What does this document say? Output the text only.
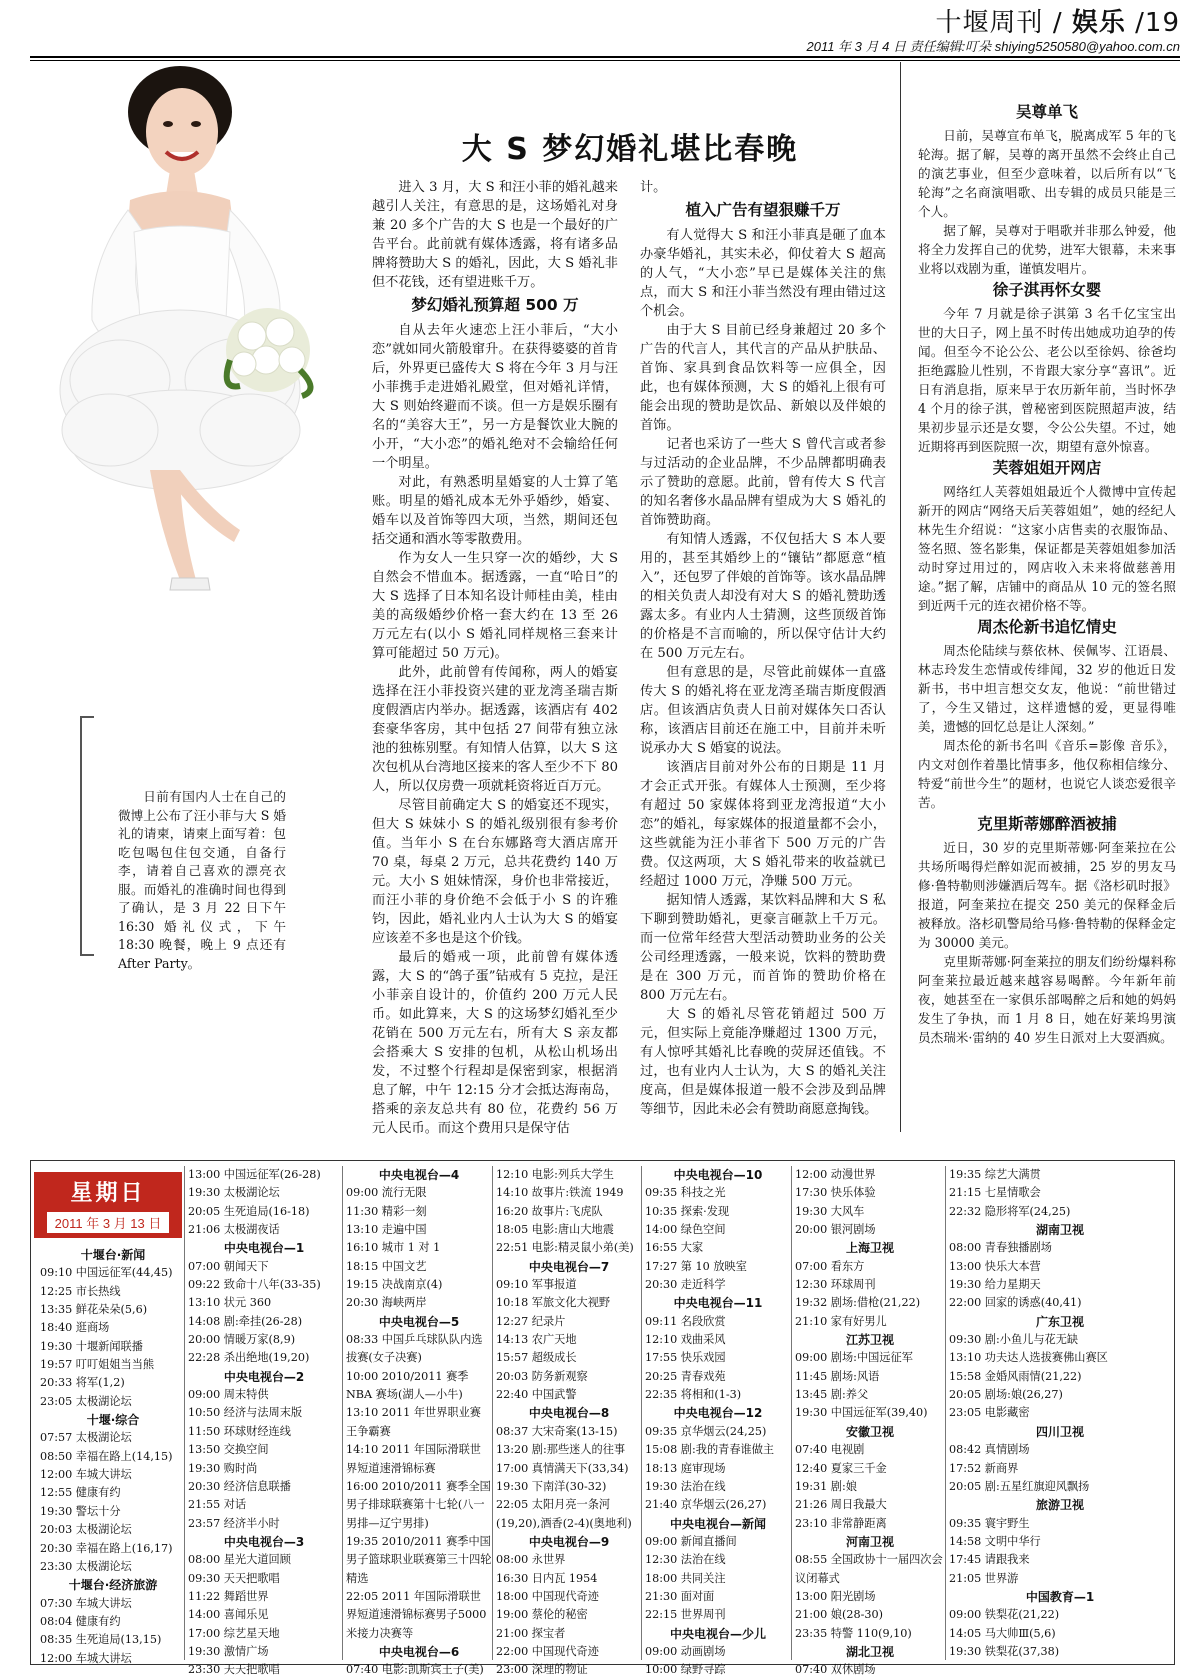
十堰周刊 / 娱乐 /19
2011 年 3 月 4 日 责任编辑:叮朵 shiying5250580@yahoo.com.cn
大 S 梦幻婚礼堪比春晚

进入 3 月，大 S 和汪小菲的婚礼越来越引人关注，有意思的是，这场婚礼对身兼 20 多个广告的大 S 也是一个最好的广告平台。此前就有媒体透露，将有诸多品牌将赞助大 S 的婚礼，因此，大 S 婚礼非但不花钱，还有望进账千万。

梦幻婚礼预算超 500 万

自从去年火速恋上汪小菲后，“大小恋”就如同火箭般窜升。在获得婆婆的首肯后，外界更已盛传大 S 将在今年 3 月与汪小菲携手走进婚礼殿堂，但对婚礼详情，大 S 则始终避而不谈。但一方是娱乐圈有名的“美容大王”，另一方是餐饮业大腕的小开，“大小恋”的婚礼绝对不会输给任何一个明星。

对此，有熟悉明星婚宴的人士算了笔账。明星的婚礼成本无外乎婚纱，婚宴、婚车以及首饰等四大项，当然，期间还包括交通和酒水等零散费用。

作为女人一生只穿一次的婚纱，大 S 自然会不惜血本。据透露，一直“哈日”的大 S 选择了日本知名设计师桂由美，桂由美的高级婚纱价格一套大约在 13 至 26 万元左右(以小 S 婚礼同样规格三套来计算可能超过 50 万元)。

此外，此前曾有传闻称，两人的婚宴选择在汪小菲投资兴建的亚龙湾圣瑞吉斯度假酒店内举办。据透露，该酒店有 402 套豪华客房，其中包括 27 间带有独立泳池的独栋别墅。有知情人估算，以大 S 这次包机从台湾地区接来的客人至少不下 80 人，所以仅房费一项就耗资将近百万元。

尽管目前确定大 S 的婚宴还不现实，但大 S 妹妹小 S 的婚礼级别很有参考价值。当年小 S 在台东娜路弯大酒店席开 70 桌，每桌 2 万元，总共花费约 140 万元。大小 S 姐妹情深，身价也非常接近，而汪小菲的身价绝不会低于小 S 的许雅钧，因此，婚礼业内人士认为大 S 的婚宴应该差不多也是这个价钱。

最后的婚戒一项，此前曾有媒体透露，大 S 的“鸽子蛋”钻戒有 5 克拉，是汪小菲亲自设计的，价值约 200 万元人民币。如此算来，大 S 的这场梦幻婚礼至少花销在 500 万元左右，所有大 S 亲友都会搭乘大 S 安排的包机，从松山机场出发，不过整个行程却是保密到家，根据消息了解，中午 12:15 分才会抵达海南岛，搭乘的亲友总共有 80 位，花费约 56 万元人民币。而这个费用只是保守估

计。

植入广告有望狠赚千万

有人觉得大 S 和汪小菲真是砸了血本办豪华婚礼，其实未必，仰仗着大 S 超高的人气，“大小恋”早已是媒体关注的焦点，而大 S 和汪小菲当然没有理由错过这个机会。

由于大 S 目前已经身兼超过 20 多个广告的代言人，其代言的产品从护肤品、首饰、家具到食品饮料等一应俱全，因此，也有媒体预测，大 S 的婚礼上很有可能会出现的赞助是饮品、新娘以及伴娘的首饰。

记者也采访了一些大 S 曾代言或者参与过活动的企业品牌，不少品牌都明确表示了赞助的意愿。此前，曾有传大 S 代言的知名奢侈水晶品牌有望成为大 S 婚礼的首饰赞助商。

有知情人透露，不仅包括大 S 本人要用的，甚至其婚纱上的“镶钻”都愿意“植入”，还包罗了伴娘的首饰等。该水晶品牌的相关负责人却没有对大 S 的婚礼赞助透露太多。有业内人士猜测，这些顶级首饰的价格是不言而喻的，所以保守估计大约在 500 万元左右。

但有意思的是，尽管此前媒体一直盛传大 S 的婚礼将在亚龙湾圣瑞吉斯度假酒店。但该酒店负责人日前对媒体矢口否认称，该酒店目前还在施工中，目前并未听说承办大 S 婚宴的说法。

该酒店目前对外公布的日期是 11 月才会正式开张。有媒体人士预测，至少将有超过 50 家媒体将到亚龙湾报道“大小恋”的婚礼，每家媒体的报道量都不会小，这些就能为汪小菲省下 500 万元的广告费。仅这两项，大 S 婚礼带来的收益就已经超过 1000 万元，净赚 500 万元。

据知情人透露，某饮料品牌和大 S 私下聊到赞助婚礼，更豪言砸款上千万元。而一位常年经营大型活动赞助业务的公关公司经理透露，一般来说，饮料的赞助费是在 300 万元，而首饰的赞助价格在 800 万元左右。

大 S 的婚礼尽管花销超过 500 万元，但实际上竟能净赚超过 1300 万元，有人惊呼其婚礼比春晚的荧屏还值钱。不过，也有业内人士认为，大 S 的婚礼关注度高，但是媒体报道一般不会涉及到品牌等细节，因此未必会有赞助商愿意掏钱。

日前有国内人士在自己的微博上公布了汪小菲与大 S 婚礼的请柬，请柬上面写着：包吃包喝包住包交通，自备行李，请着自己喜欢的漂亮衣服。而婚礼的准确时间也得到了确认，是 3 月 22 日下午 16:30 婚礼仪式，下午 18:30 晚餐，晚上 9 点还有 After Party。

吴尊单飞

日前，吴尊宣布单飞，脱离成军 5 年的飞轮海。据了解，吴尊的离开虽然不会终止自己的演艺事业，但至少意味着，以后所有以“飞轮海”之名商演唱歌、出专辑的成员只能是三个人。

据了解，吴尊对于唱歌并非那么钟爱，他将全力发挥自己的优势，进军大银幕，未来事业将以戏剧为重，谨慎发唱片。

徐子淇再怀女婴

今年 7 月就是徐子淇第 3 名千亿宝宝出世的大日子，网上虽不时传出她成功迫孕的传闻。但至今不论公公、老公以至徐妈、徐爸均拒绝露脸儿性别，不肯跟大家分享“喜讯”。近日有消息指，原来早于农历新年前，当时怀孕 4 个月的徐子淇，曾秘密到医院照超声波，结果初步显示还是女婴，令公公失望。不过，她近期将再到医院照一次，期望有意外惊喜。

芙蓉姐姐开网店

网络红人芙蓉姐姐最近个人微博中宣传起新开的网店“网络天后芙蓉姐姐”，她的经纪人林先生介绍说：“这家小店售卖的衣服饰品、签名照、签名影集，保证都是芙蓉姐姐参加活动时穿过用过的，网店收入未来将做慈善用途。”据了解，店铺中的商品从 10 元的签名照到近两千元的连衣裙价格不等。

周杰伦新书追忆情史

周杰伦陆续与蔡依林、侯佩岑、江语晨、林志玲发生恋情或传绯闻，32 岁的他近日发新书，书中坦言想交女友，他说：“前世错过了，今生又错过，这样遗憾的爱，更显得唯美，遗憾的回忆总是让人深刻。”

周杰伦的新书名叫《音乐=影像 音乐》，内文对创作着墨比情事多，他仅称相信缘分、特爱“前世今生”的题材，也说它人谈恋爱很辛苦。

克里斯蒂娜醉酒被捕

近日，30 岁的克里斯蒂娜·阿奎莱拉在公共场所喝得烂醉如泥而被捕，25 岁的男友马修·鲁特勒则涉嫌酒后驾车。据《洛杉矶时报》报道，阿奎莱拉在提交 250 美元的保释金后被释放。洛杉矶警局给马修·鲁特勒的保释金定为 30000 美元。

克里斯蒂娜·阿奎莱拉的朋友们纷纷爆料称阿奎莱拉最近越来越容易喝醉。今年新年前夜，她甚至在一家俱乐部喝醉之后和她的妈妈发生了争执，而 1 月 8 日，她在好莱坞男演员杰瑞米·雷纳的 40 岁生日派对上大耍酒疯。

星期日
2011 年 3 月 13 日
十堰台·新闻
09:10 中国远征军(44,45)
12:25 市长热线
13:35 鲜花朵朵(5,6)
18:40 逛商场
19:30 十堰新闻联播
19:57 叮叮姐姐当当熊
20:33 将军(1,2)
23:05 太极湖论坛
十堰·综合
07:57 太极湖论坛
08:50 幸福在路上(14,15)
12:00 车城大讲坛
12:55 健康有约
19:30 警坛十分
20:03 太极湖论坛
20:30 幸福在路上(16,17)
23:30 太极湖论坛
十堰台·经济旅游
07:30 车城大讲坛
08:04 健康有约
08:35 生死追局(13,15)
12:00 车城大讲坛
13:00 中国远征军(26-28)
19:30 太极湖论坛
20:05 生死追局(16-18)
21:06 太极湖夜话
中央电视台—1
07:00 朝闻天下
09:22 致命十八年(33-35)
13:10 状元 360
14:08 剧:牵挂(26-28)
20:00 情暖万家(8,9)
22:28 杀出绝地(19,20)
中央电视台—2
09:00 周末特供
10:50 经济与法周末版
11:50 环球财经连线
13:50 交换空间
19:30 购时尚
20:30 经济信息联播
21:55 对话
23:57 经济半小时
中央电视台—3
08:00 星光大道回顾
09:30 天天把歌唱
11:22 舞蹈世界
14:00 喜闻乐见
17:00 综艺星天地
19:30 激情广场
23:30 天天把歌唱
中央电视台—4
09:00 流行无限
11:30 精彩一刻
13:10 走遍中国
16:10 城市 1 对 1
18:15 中国文艺
19:15 决战南京(4)
20:30 海峡两岸
中央电视台—5
08:33 中国乒乓球队队内选拔赛(女子决赛)
10:00 2010/2011 赛季NBA 赛场(湖人—小牛)
13:10 2011 年世界职业赛王争霸赛
14:10 2011 年国际滑联世界短道速滑锦标赛
16:00 2010/2011 赛季全国男子排球联赛第十七轮(八一男排—辽宁男排)
19:35 2010/2011 赛季中国男子篮球职业联赛第三十四轮精选
22:05 2011 年国际滑联世界短道速滑锦标赛男子5000 米接力决赛等
中央电视台—6
07:40 电影:凯斯宾王子(美)
12:10 电影:列兵大学生
14:10 故事片:铁流 1949
16:20 故事片:飞虎队
18:05 电影:唐山大地震
22:51 电影:精灵鼠小弟(美)
中央电视台—7
09:10 军事报道
10:18 军旅文化大视野
12:27 纪录片
14:13 农广天地
15:57 超级成长
20:03 防务新观察
22:40 中国武警
中央电视台—8
08:37 大宋奇案(13-15)
13:20 剧:那些迷人的往事
17:00 真情满天下(33,34)
19:30 下南洋(30-32)
22:05 太阳月亮一条河(19,20),酒香(2-4)(奥地利)
中央电视台—9
08:00 永世界
16:30 日内瓦 1954
18:00 中国现代奇迹
19:00 蔡伦的秘密
21:00 探宝者
22:00 中国现代奇迹
23:00 深理的物证
中央电视台—10
09:35 科技之光
10:35 探索·发现
14:00 绿色空间
16:55 大家
17:27 第 10 放映室
20:30 走近科学
中央电视台—11
09:11 名段欣赏
12:10 戏曲采风
17:55 快乐戏园
20:25 青春戏苑
22:35 将相和(1-3)
中央电视台—12
09:35 京华烟云(24,25)
15:08 剧:我的青春谁做主
18:13 庭审现场
19:30 法治在线
21:40 京华烟云(26,27)
中央电视台—新闻
09:00 新闻直播间
12:30 法治在线
18:00 共同关注
21:30 面对面
22:15 世界周刊
中央电视台—少儿
09:00 动画剧场
10:00 绿野寻踪
12:00 动漫世界
17:30 快乐体验
19:30 大风车
20:00 银河剧场
上海卫视
07:00 看东方
12:30 环球周刊
19:32 剧场:借枪(21,22)
21:10 家有好男儿
江苏卫视
09:00 剧场:中国远征军
11:45 剧场:风语
13:45 剧:养父
19:30 中国远征军(39,40)
安徽卫视
07:40 电视剧
12:40 夏家三千金
19:31 剧:娘
21:26 周日我最大
23:10 非常静距离
河南卫视
08:55 全国政协十一届四次会议闭幕式
13:00 阳光剧场
21:00 娘(28-30)
23:35 特警 110(9,10)
湖北卫视
07:40 双休剧场
19:35 综艺大满贯
21:15 七星情歌会
22:32 隐形将军(24,25)
湖南卫视
08:00 青春独播剧场
13:00 快乐大本营
19:30 给力星期天
22:00 回家的诱惑(40,41)
广东卫视
09:30 剧:小鱼儿与花无缺
13:10 功夫达人选拔赛佛山赛区
15:58 金婚风雨情(21,22)
20:05 剧场:娘(26,27)
23:05 电影藏密
四川卫视
08:42 真情剧场
17:52 新商界
20:05 剧:五星红旗迎风飘扬
旅游卫视
09:35 寰宇野生
14:58 文明中华行
17:45 请跟我来
21:05 世界游
中国教育—1
09:00 铁梨花(21,22)
14:05 马大帅Ⅲ(5,6)
19:30 铁梨花(37,38)
